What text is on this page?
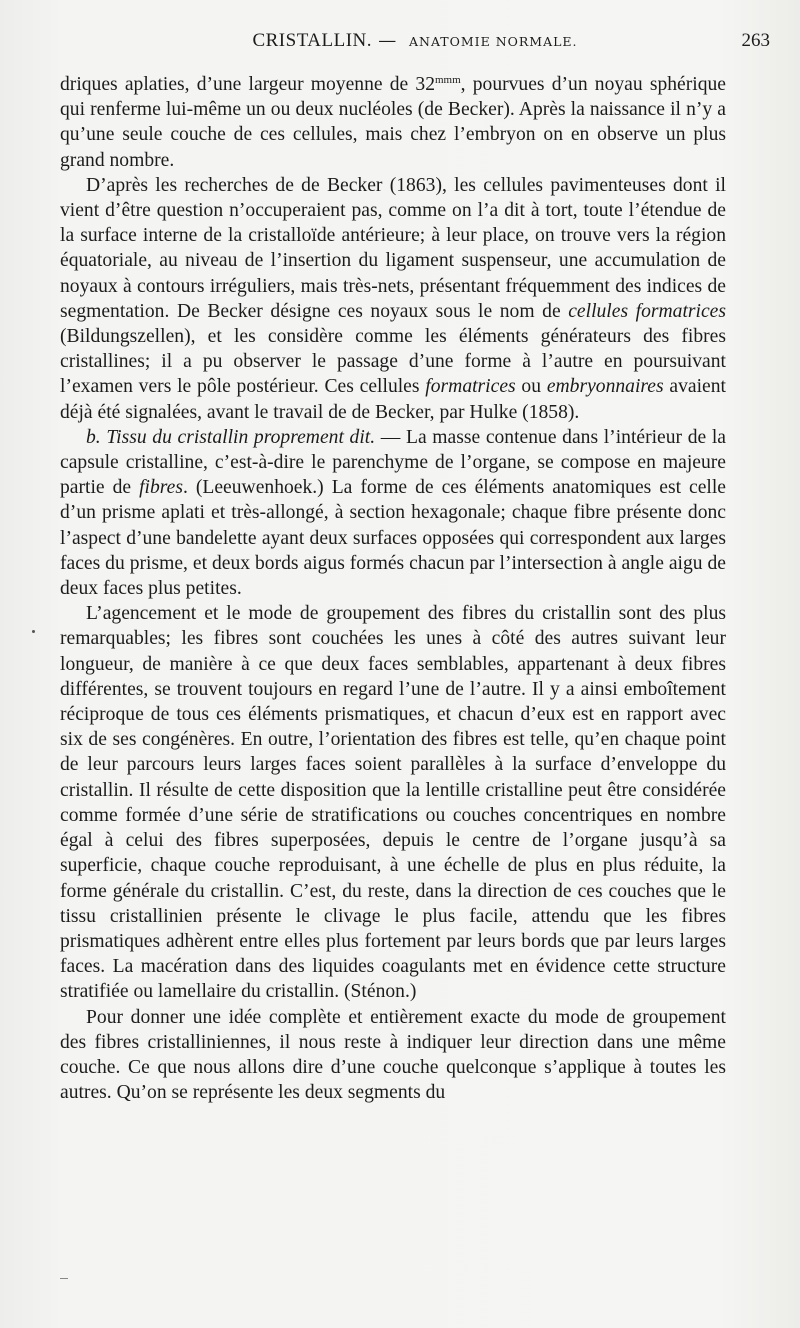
CRISTALLIN. — ANATOMIE NORMALE.	263

driques aplaties, d’une largeur moyenne de $32^{mmm}$, pourvues d’un noyau sphérique qui renferme lui-même un ou deux nucléoles (de Becker). Après la naissance il n’y a qu’une seule couche de ces cellules, mais chez l’embryon on en observe un plus grand nombre.

D’après les recherches de de Becker (1863), les cellules pavimenteuses dont il vient d’être question n’occuperaient pas, comme on l’a dit à tort, toute l’étendue de la surface interne de la cristalloïde antérieure; à leur place, on trouve vers la région équatoriale, au niveau de l’insertion du ligament suspenseur, une accumulation de noyaux à contours irréguliers, mais très-nets, présentant fréquemment des indices de segmentation. De Becker désigne ces noyaux sous le nom de cellules formatrices (Bildungszellen), et les considère comme les éléments générateurs des fibres cristallines; il a pu observer le passage d’une forme à l’autre en poursuivant l’examen vers le pôle postérieur. Ces cellules formatrices ou embryonnaires avaient déjà été signalées, avant le travail de de Becker, par Hulke (1858).

b. Tissu du cristallin proprement dit. — La masse contenue dans l’intérieur de la capsule cristalline, c’est-à-dire le parenchyme de l’organe, se compose en majeure partie de fibres. (Leeuwenhoek.) La forme de ces éléments anatomiques est celle d’un prisme aplati et très-allongé, à section hexagonale; chaque fibre présente donc l’aspect d’une bandelette ayant deux surfaces opposées qui correspondent aux larges faces du prisme, et deux bords aigus formés chacun par l’intersection à angle aigu de deux faces plus petites.

L’agencement et le mode de groupement des fibres du cristallin sont des plus remarquables; les fibres sont couchées les unes à côté des autres suivant leur longueur, de manière à ce que deux faces semblables, appartenant à deux fibres différentes, se trouvent toujours en regard l’une de l’autre. Il y a ainsi emboîtement réciproque de tous ces éléments prismatiques, et chacun d’eux est en rapport avec six de ses congénères. En outre, l’orientation des fibres est telle, qu’en chaque point de leur parcours leurs larges faces soient parallèles à la surface d’enveloppe du cristallin. Il résulte de cette disposition que la lentille cristalline peut être considérée comme formée d’une série de stratifications ou couches concentriques en nombre égal à celui des fibres superposées, depuis le centre de l’organe jusqu’à sa superficie, chaque couche reproduisant, à une échelle de plus en plus réduite, la forme générale du cristallin. C’est, du reste, dans la direction de ces couches que le tissu cristallinien présente le clivage le plus facile, attendu que les fibres prismatiques adhèrent entre elles plus fortement par leurs bords que par leurs larges faces. La macération dans des liquides coagulants met en évidence cette structure stratifiée ou lamellaire du cristallin. (Sténon.)

Pour donner une idée complète et entièrement exacte du mode de groupement des fibres cristalliniennes, il nous reste à indiquer leur direction dans une même couche. Ce que nous allons dire d’une couche quelconque s’applique à toutes les autres. Qu’on se représente les deux segments du
